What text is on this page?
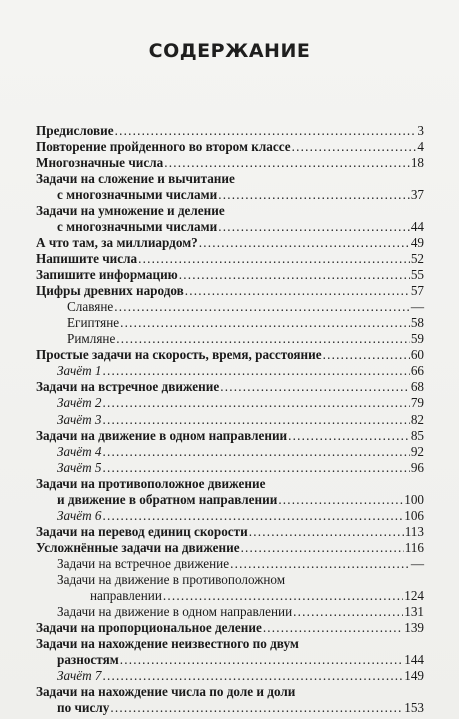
СОДЕРЖАНИЕ
Предисловие .....	3
Повторение пройденного во втором классе .....	4
Многозначные числа .....	18
Задачи на сложение и вычитание
с многозначными числами .....	37
Задачи на умножение и деление
с многозначными числами .....	44
А что там, за миллиардом? .....	49
Напишите числа .....	52
Запишите информацию .....	55
Цифры древних народов .....	57
Славяне .....	—
Египтяне .....	58
Римляне .....	59
Простые задачи на скорость, время, расстояние .....	60
Зачёт 1 .....	66
Задачи на встречное движение .....	68
Зачёт 2 .....	79
Зачёт 3 .....	82
Задачи на движение в одном направлении .....	85
Зачёт 4 .....	92
Зачёт 5 .....	96
Задачи на противоположное движение
и движение в обратном направлении .....	100
Зачёт 6 .....	106
Задачи на перевод единиц скорости .....	113
Усложнённые задачи на движение .....	116
Задачи на встречное движение .....	—
Задачи на движение в противоположном
направлении .....	124
Задачи на движение в одном направлении .....	131
Задачи на пропорциональное деление .....	139
Задачи на нахождение неизвестного по двум
разностям .....	144
Зачёт 7 .....	149
Задачи на нахождение числа по доле и доли
по числу .....	153
